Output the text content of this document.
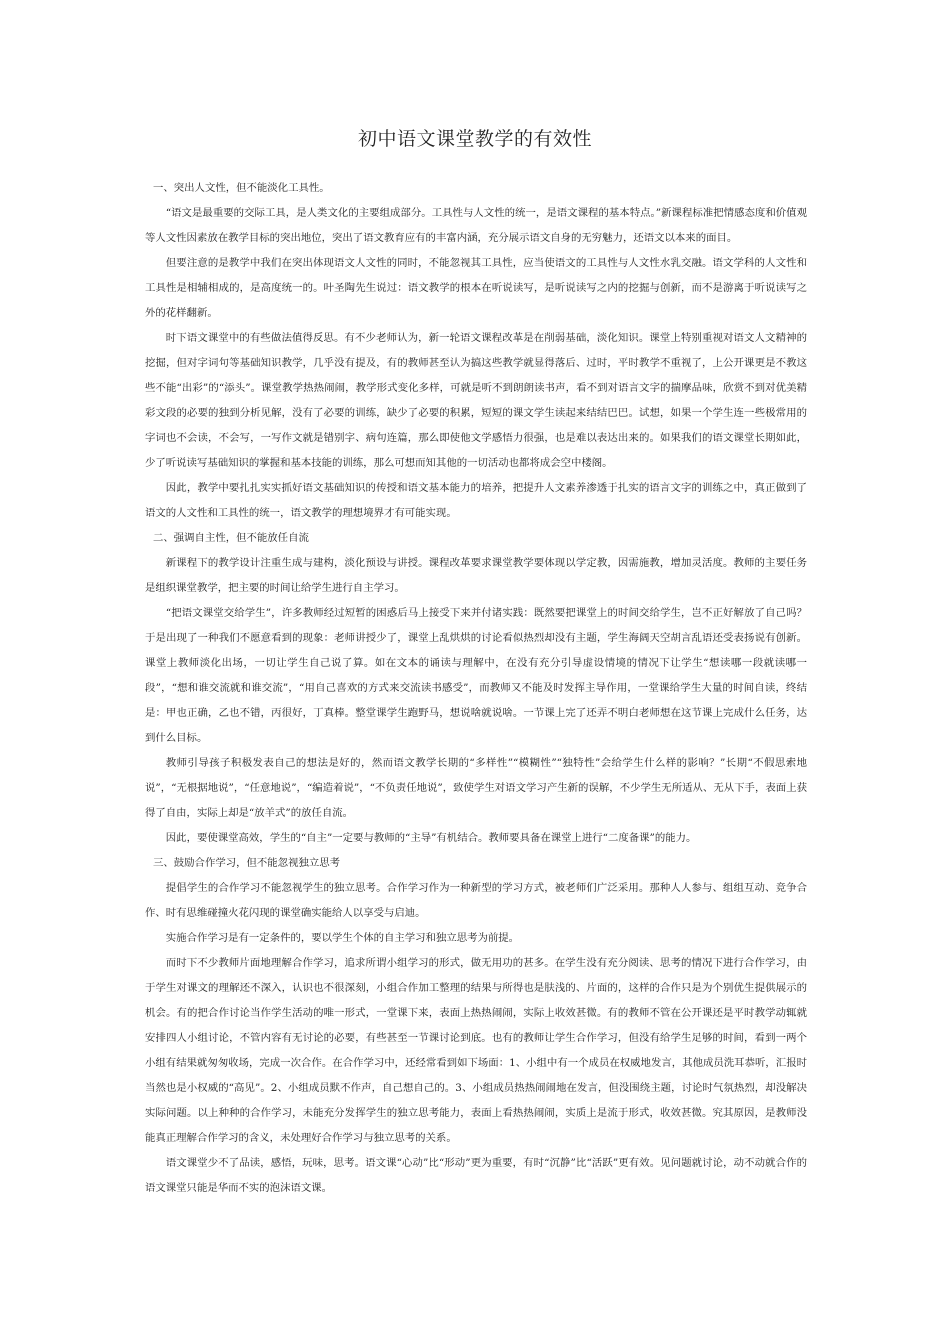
初中语文课堂教学的有效性

一、突出人文性，但不能淡化工具性。

“语文是最重要的交际工具，是人类文化的主要组成部分。工具性与人文性的统一，是语文课程的基本特点。”新课程标准把情感态度和价值观等人文性因素放在教学目标的突出地位，突出了语文教育应有的丰富内涵，充分展示语文自身的无穷魅力，还语文以本来的面目。

但要注意的是教学中我们在突出体现语文人文性的同时，不能忽视其工具性，应当使语文的工具性与人文性水乳交融。语文学科的人文性和工具性是相辅相成的，是高度统一的。叶圣陶先生说过：语文教学的根本在听说读写，是听说读写之内的挖掘与创新，而不是游离于听说读写之外的花样翻新。

时下语文课堂中的有些做法值得反思。有不少老师认为，新一轮语文课程改革是在削弱基础，淡化知识。课堂上特别重视对语文人文精神的挖掘，但对字词句等基础知识教学，几乎没有提及，有的教师甚至认为搞这些教学就显得落后、过时，平时教学不重视了，上公开课更是不教这些不能“出彩”的“添头”。课堂教学热热闹闹，教学形式变化多样，可就是听不到朗朗读书声，看不到对语言文字的揣摩品味，欣赏不到对优美精彩文段的必要的独到分析见解，没有了必要的训练，缺少了必要的积累，短短的课文学生读起来结结巴巴。试想，如果一个学生连一些极常用的字词也不会读，不会写，一写作文就是错别字、病句连篇，那么即使他文学感悟力很强，也是难以表达出来的。如果我们的语文课堂长期如此，少了听说读写基础知识的掌握和基本技能的训练，那么可想而知其他的一切活动也都将成会空中楼阁。

因此，教学中要扎扎实实抓好语文基础知识的传授和语文基本能力的培养，把提升人文素养渗透于扎实的语言文字的训练之中，真正做到了语文的人文性和工具性的统一，语文教学的理想境界才有可能实现。

二、强调自主性，但不能放任自流

新课程下的教学设计注重生成与建构，淡化预设与讲授。课程改革要求课堂教学要体现以学定教，因需施教，增加灵活度。教师的主要任务是组织课堂教学，把主要的时间让给学生进行自主学习。

“把语文课堂交给学生”，许多教师经过短暂的困惑后马上接受下来并付诸实践：既然要把课堂上的时间交给学生，岂不正好解放了自己吗？于是出现了一种我们不愿意看到的现象：老师讲授少了，课堂上乱烘烘的讨论看似热烈却没有主题，学生海阔天空胡言乱语还受表扬说有创新。课堂上教师淡化出场，一切让学生自己说了算。如在文本的诵读与理解中，在没有充分引导虚设情境的情况下让学生“想读哪一段就读哪一段”，“想和谁交流就和谁交流”，“用自己喜欢的方式来交流读书感受”，而教师又不能及时发挥主导作用，一堂课给学生大量的时间自读，终结是：甲也正确，乙也不错，丙很好，丁真棒。整堂课学生跑野马，想说啥就说啥。一节课上完了还弄不明白老师想在这节课上完成什么任务，达到什么目标。

教师引导孩子积极发表自己的想法是好的，然而语文教学长期的“多样性”“模糊性”“独特性”会给学生什么样的影响？”长期“不假思索地说”，“无根据地说”，“任意地说”，“编造着说”，“不负责任地说”，致使学生对语文学习产生新的误解，不少学生无所适从、无从下手，表面上获得了自由，实际上却是“放羊式”的放任自流。

因此，要使课堂高效，学生的“自主”一定要与教师的“主导”有机结合。教师要具备在课堂上进行“二度备课”的能力。

三、鼓励合作学习，但不能忽视独立思考

提倡学生的合作学习不能忽视学生的独立思考。合作学习作为一种新型的学习方式，被老师们广泛采用。那种人人参与、组组互动、竞争合作、时有思维碰撞火花闪现的课堂确实能给人以享受与启迪。

实施合作学习是有一定条件的，要以学生个体的自主学习和独立思考为前提。

而时下不少教师片面地理解合作学习，追求所谓小组学习的形式，做无用功的甚多。在学生没有充分阅读、思考的情况下进行合作学习，由于学生对课文的理解还不深入，认识也不很深刻，小组合作加工整理的结果与所得也是肤浅的、片面的，这样的合作只是为个别优生提供展示的机会。有的把合作讨论当作学生活动的唯一形式，一堂课下来，表面上热热闹闹，实际上收效甚微。有的教师不管在公开课还是平时教学动辄就安排四人小组讨论，不管内容有无讨论的必要，有些甚至一节课讨论到底。也有的教师让学生合作学习，但没有给学生足够的时间，看到一两个小组有结果就匆匆收场，完成一次合作。在合作学习中，还经常看到如下场面：1、小组中有一个成员在权威地发言，其他成员洗耳恭听，汇报时当然也是小权威的“高见”。2、小组成员默不作声，自己想自己的。3、小组成员热热闹闹地在发言，但没围绕主题，讨论时气氛热烈，却没解决实际问题。以上种种的合作学习，未能充分发挥学生的独立思考能力，表面上看热热闹闹，实质上是流于形式，收效甚微。究其原因，是教师没能真正理解合作学习的含义，未处理好合作学习与独立思考的关系。

语文课堂少不了品读，感悟，玩味，思考。语文课“心动”比“形动”更为重要，有时“沉静”比“活跃”更有效。见问题就讨论，动不动就合作的语文课堂只能是华而不实的泡沫语文课。
